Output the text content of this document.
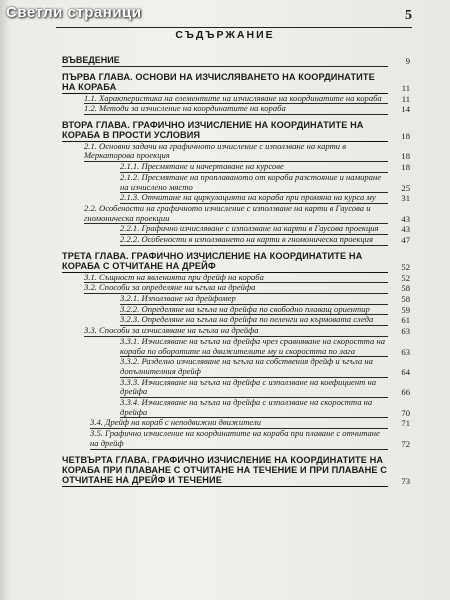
Светли страници	5
СЪДЪРЖАНИЕ
ВЪВЕДЕНИЕ	9
ПЪРВА ГЛАВА. ОСНОВИ НА ИЗЧИСЛЯВАНЕТО НА КООРДИНАТИТЕ НА КОРАБА	11
1.1. Характеристика на елементите на изчисляване на координатите на кораба	11
1.2. Методи за изчисление на координатите на кораба	14
ВТОРА ГЛАВА. ГРАФИЧНО ИЗЧИСЛЕНИЕ НА КООРДИНАТИТЕ НА КОРАБА В ПРОСТИ УСЛОВИЯ	18
2.1. Основни задачи на графичното изчисление с използване на карти в Меркаторова проекция	18
2.1.1. Пресмятане и начертаване на курсове	18
2.1.2. Пресмятане на проплаваното от кораба разстояние и намиране на изчислено място	25
2.1.3. Отчитане на циркулацията на кораба при промяна на курса му	31
2.2. Особености на графичното изчисление с използване на карти в Гаусова и гномоническа проекции	43
2.2.1. Графично изчисляване с използване на карти в Гаусова проекция	43
2.2.2. Особености в използването на карти в гномоническа проекция	47
ТРЕТА ГЛАВА. ГРАФИЧНО ИЗЧИСЛЕНИЕ НА КООРДИНАТИТЕ НА КОРАБА С ОТЧИТАНЕ НА ДРЕЙФ	52
3.1. Същност на явленията при дрейф на кораба	52
3.2. Способи за определяне на ъгъла на дрейфа	58
3.2.1. Използване на дрейфомер	58
3.2.2. Определяне на ъгъла на дрейфа по свободно плаващ ориентир	59
3.2.3. Определяне на ъгъла на дрейфа по пеленги на кърмовата следа	61
3.3. Способи за изчисляване на ъгъла на дрейфа	63
3.3.1. Изчисляване на ъгъла на дрейфа чрез сравняване на скоростта на кораба по оборотите на движителите му и скоростта по лага	63
3.3.2. Разделно изчисляване на ъгъла на собствения дрейф и ъгъла на допълнителния дрейф	64
3.3.3. Изчисляване на ъгъла на дрейфа с използване на коефициент на дрейфа	66
3.3.4. Изчисляване на ъгъла на дрейфа с използване на скоростта на дрейфа	70
3.4. Дрейф на кораб с неподвижни движители	71
3.5. Графично изчисление на координатите на кораба при плаване с отчитане на дрейф	72
ЧЕТВЪРТА ГЛАВА. ГРАФИЧНО ИЗЧИСЛЕНИЕ НА КООРДИНАТИТЕ НА КОРАБА ПРИ ПЛАВАНЕ С ОТЧИТАНЕ НА ТЕЧЕНИЕ И ПРИ ПЛАВАНЕ С ОТЧИТАНЕ НА ДРЕЙФ И ТЕЧЕНИЕ	73
